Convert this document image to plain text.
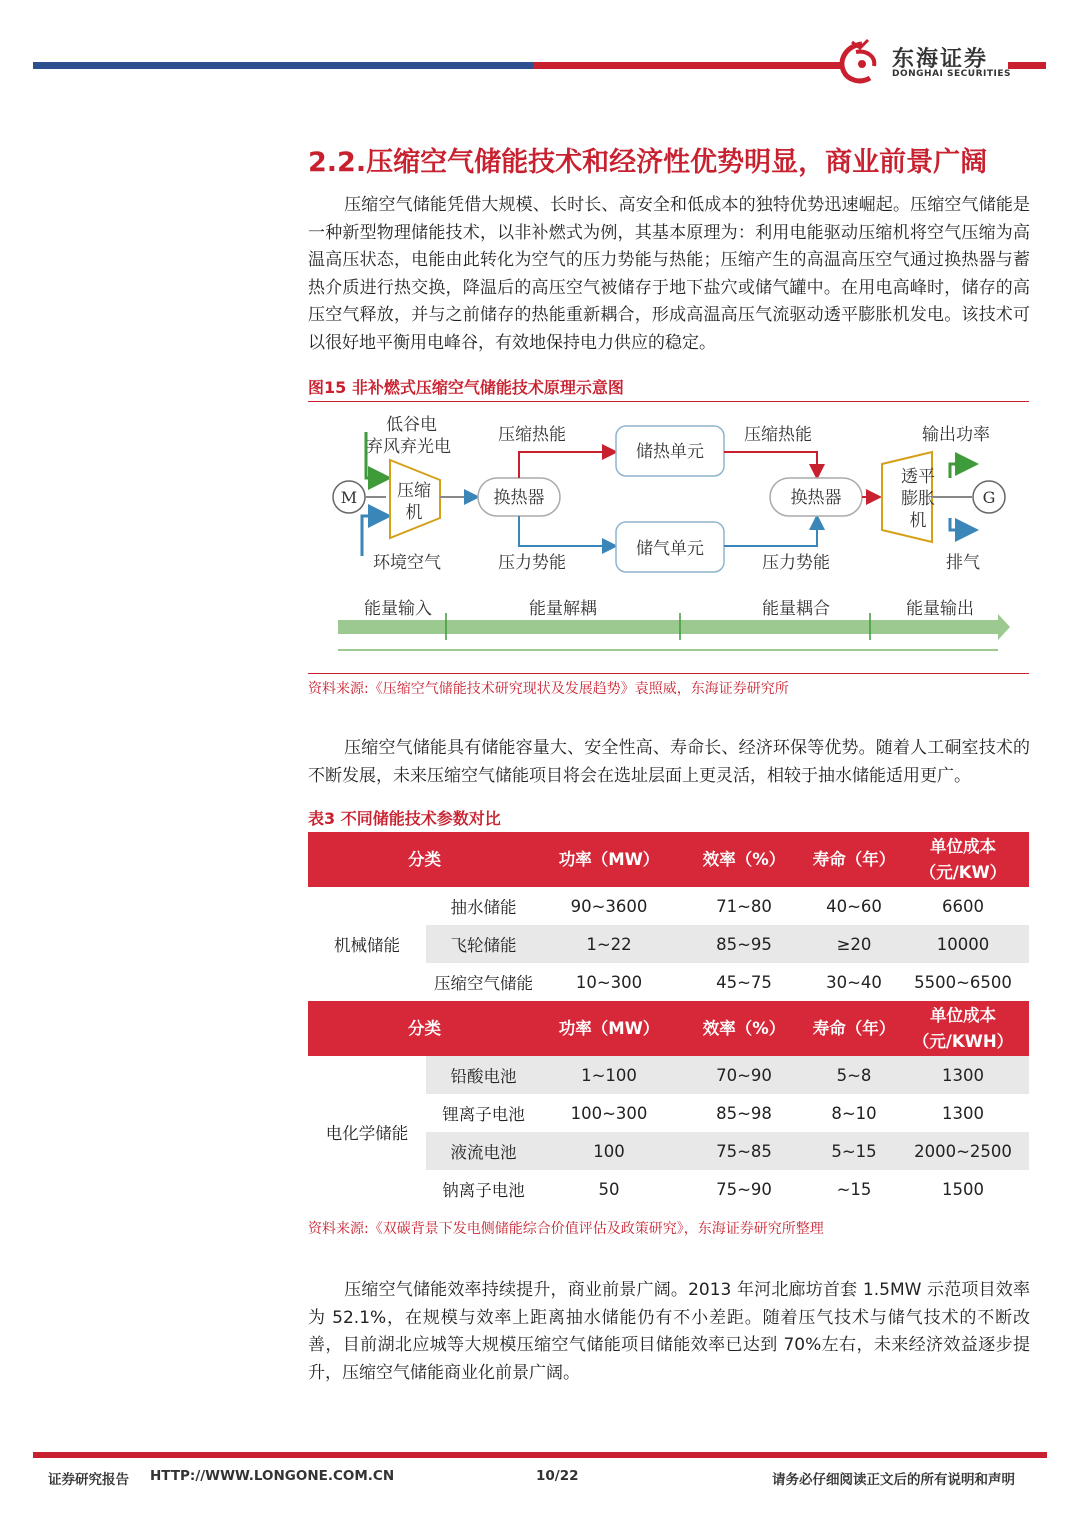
东海证券
DONGHAI SECURITIES
2.2.压缩空气储能技术和经济性优势明显，商业前景广阔

压缩空气储能凭借大规模、长时长、高安全和低成本的独特优势迅速崛起。压缩空气储能是一种新型物理储能技术，以非补燃式为例，其基本原理为：利用电能驱动压缩机将空气压缩为高温高压状态，电能由此转化为空气的压力势能与热能；压缩产生的高温高压空气通过换热器与蓄热介质进行热交换，降温后的高压空气被储存于地下盐穴或储气罐中。在用电高峰时，储存的高压空气释放，并与之前储存的热能重新耦合，形成高温高压气流驱动透平膨胀机发电。该技术可以很好地平衡用电峰谷，有效地保持电力供应的稳定。

图15 非补燃式压缩空气储能技术原理示意图
M
低谷电
弃风弃光电
环境空气
压缩
机
换热器
压缩热能
储热单元
压缩热能
压力势能
储气单元
压力势能
换热器
透平
膨胀
机
G
输出功率
排气
能量输入	能量解耦	能量耦合	能量输出
资料来源:《压缩空气储能技术研究现状及发展趋势》袁照威，东海证券研究所

压缩空气储能具有储能容量大、安全性高、寿命长、经济环保等优势。随着人工硐室技术的不断发展，未来压缩空气储能项目将会在选址层面上更灵活，相较于抽水储能适用更广。

表3 不同储能技术参数对比
分类		功率（MW）	效率（%）	寿命（年）	单位成本
（元/KW）
机械储能	抽水储能	90~3600	71~80	40~60	6600
	飞轮储能	1~22	85~95	≥20	10000
	压缩空气储能	10~300	45~75	30~40	5500~6500
分类		功率（MW）	效率（%）	寿命（年）	单位成本
（元/KWH）
电化学储能	铅酸电池	1~100	70~90	5~8	1300
	锂离子电池	100~300	85~98	8~10	1300
	液流电池	100	75~85	5~15	2000~2500
	钠离子电池	50	75~90	~15	1500
资料来源:《双碳背景下发电侧储能综合价值评估及政策研究》，东海证券研究所整理

压缩空气储能效率持续提升，商业前景广阔。2013 年河北廊坊首套 1.5MW 示范项目效率为 52.1%，在规模与效率上距离抽水储能仍有不小差距。随着压气技术与储气技术的不断改善，目前湖北应城等大规模压缩空气储能项目储能效率已达到 70%左右，未来经济效益逐步提升，压缩空气储能商业化前景广阔。

证券研究报告 HTTP://WWW.LONGONE.COM.CN	10/22	请务必仔细阅读正文后的所有说明和声明
